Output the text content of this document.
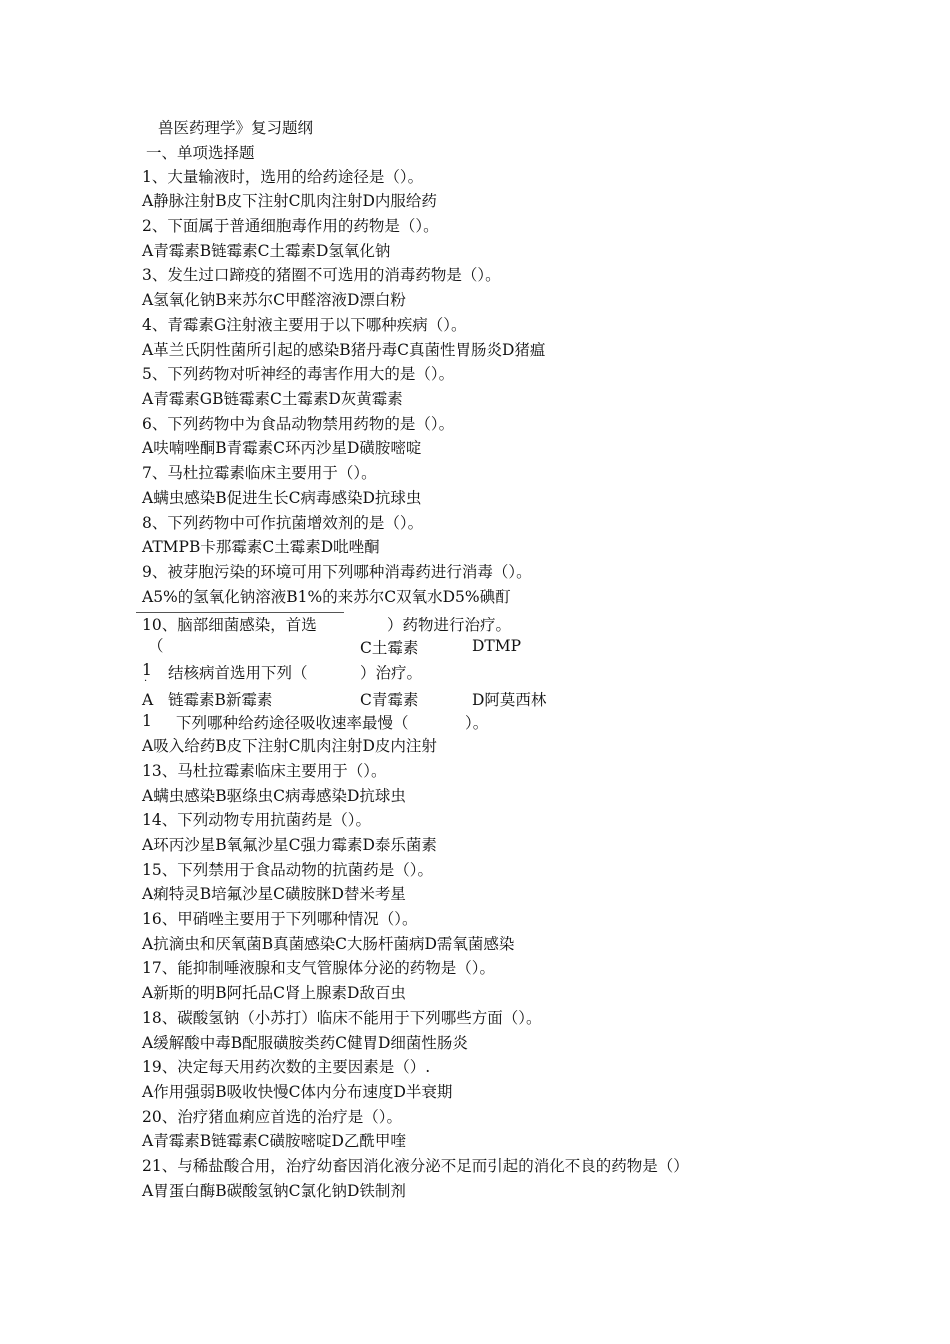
兽医药理学》复习题纲
一、单项选择题
1、大量输液时，选用的给药途径是（）。
A静脉注射B皮下注射C肌肉注射D内服给药
2、下面属于普通细胞毒作用的药物是（）。
A青霉素B链霉素C土霉素D氢氧化钠
3、发生过口蹄疫的猪圈不可选用的消毒药物是（）。
A氢氧化钠B来苏尔C甲醛溶液D漂白粉
4、青霉素G注射液主要用于以下哪种疾病（）。
A革兰氏阴性菌所引起的感染B猪丹毒C真菌性胃肠炎D猪瘟
5、下列药物对听神经的毒害作用大的是（）。
A青霉素GB链霉素C土霉素D灰黄霉素
6、下列药物中为食品动物禁用药物的是（）。
A呋喃唑酮B青霉素C环丙沙星D磺胺嘧啶
7、马杜拉霉素临床主要用于（）。
A螨虫感染B促进生长C病毒感染D抗球虫
8、下列药物中可作抗菌增效剂的是（）。
ATMPB卡那霉素C土霉素D吡唑酮
9、被芽胞污染的环境可用下列哪种消毒药进行消毒（）。
A5%的氢氧化钠溶液B1%的来苏尔C双氧水D5%碘酊
10、脑部细菌感染，首选	）药物进行治疗。
（	C土霉素	DTMP
1
· 结核病首选用下列（	）治疗。
A 链霉素B新霉素	C青霉素	D阿莫西林
1 下列哪种给药途径吸收速率最慢（	）。
A吸入给药B皮下注射C肌肉注射D皮内注射
13、马杜拉霉素临床主要用于（）。
A螨虫感染B驱绦虫C病毒感染D抗球虫
14、下列动物专用抗菌药是（）。
A环丙沙星B氧氟沙星C强力霉素D泰乐菌素
15、下列禁用于食品动物的抗菌药是（）。
A痢特灵B培氟沙星C磺胺脒D替米考星
16、甲硝唑主要用于下列哪种情况（）。
A抗滴虫和厌氧菌B真菌感染C大肠杆菌病D需氧菌感染
17、能抑制唾液腺和支气管腺体分泌的药物是（）。
A新斯的明B阿托品C肾上腺素D敌百虫
18、碳酸氢钠（小苏打）临床不能用于下列哪些方面（）。
A缓解酸中毒B配服磺胺类药C健胃D细菌性肠炎
19、决定每天用药次数的主要因素是（）.
A作用强弱B吸收快慢C体内分布速度D半衰期
20、治疗猪血痢应首选的治疗是（）。
A青霉素B链霉素C磺胺嘧啶D乙酰甲喹
21、与稀盐酸合用，治疗幼畜因消化液分泌不足而引起的消化不良的药物是（）
A胃蛋白酶B碳酸氢钠C氯化钠D铁制剂
